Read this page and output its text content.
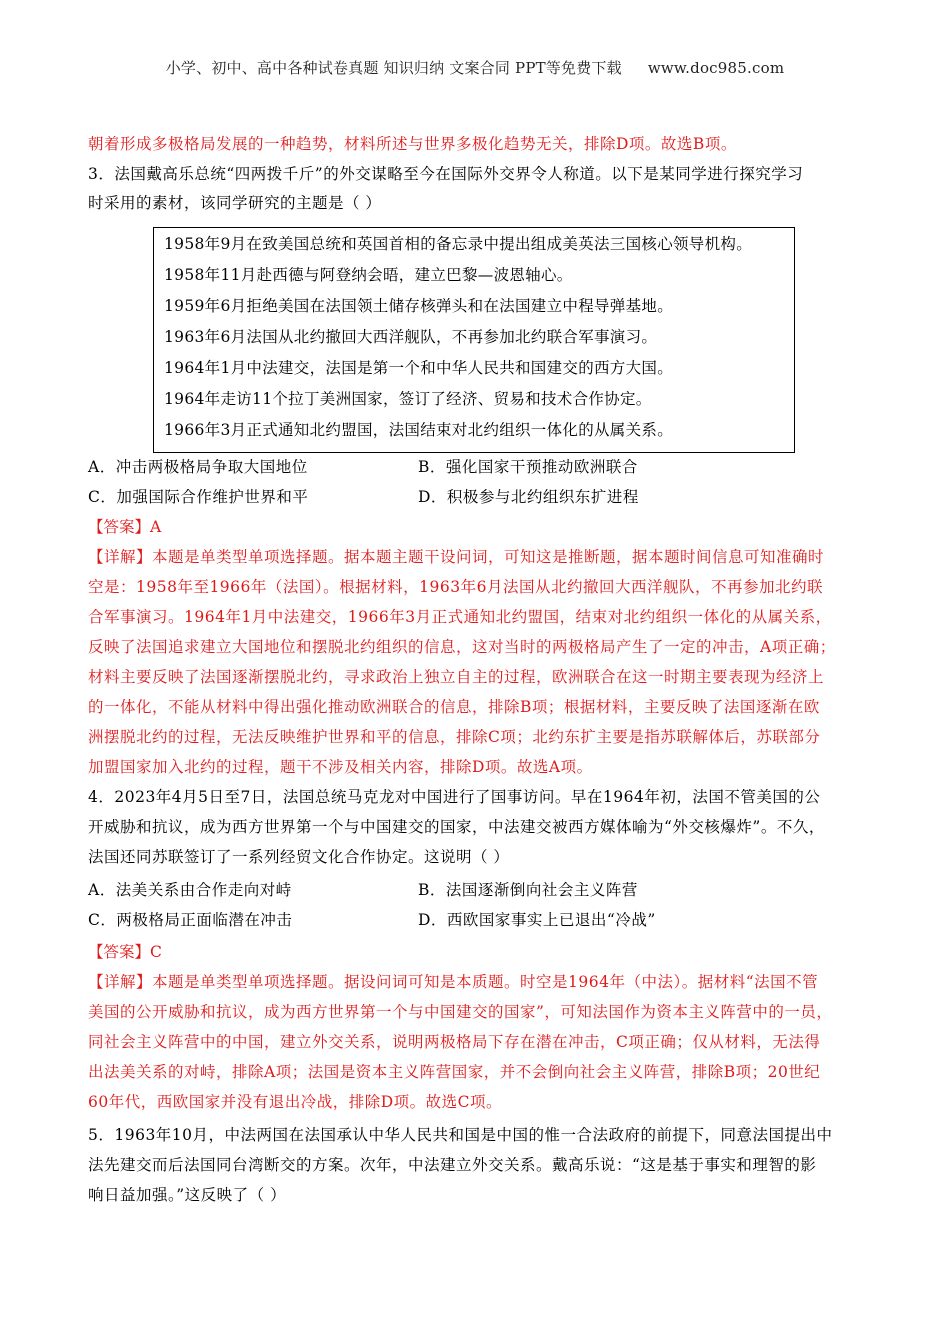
小学、初中、高中各种试卷真题 知识归纳 文案合同 PPT等免费下载 www.doc985.com
朝着形成多极格局发展的一种趋势，材料所述与世界多极化趋势无关，排除D项。故选B项。
3．法国戴高乐总统“四两拨千斤”的外交谋略至今在国际外交界令人称道。以下是某同学进行探究学习
时采用的素材，该同学研究的主题是（ ）
1958年9月在致美国总统和英国首相的备忘录中提出组成美英法三国核心领导机构。
1958年11月赴西德与阿登纳会晤，建立巴黎—波恩轴心。
1959年6月拒绝美国在法国领土储存核弹头和在法国建立中程导弹基地。
1963年6月法国从北约撤回大西洋舰队，不再参加北约联合军事演习。
1964年1月中法建交，法国是第一个和中华人民共和国建交的西方大国。
1964年走访11个拉丁美洲国家，签订了经济、贸易和技术合作协定。
1966年3月正式通知北约盟国，法国结束对北约组织一体化的从属关系。
A．冲击两极格局争取大国地位	B．强化国家干预推动欧洲联合
C．加强国际合作维护世界和平	D．积极参与北约组织东扩进程
【答案】A
【详解】本题是单类型单项选择题。据本题主题干设问词，可知这是推断题，据本题时间信息可知准确时
空是：1958年至1966年（法国）。根据材料，1963年6月法国从北约撤回大西洋舰队，不再参加北约联
合军事演习。1964年1月中法建交，1966年3月正式通知北约盟国，结束对北约组织一体化的从属关系，
反映了法国追求建立大国地位和摆脱北约组织的信息，这对当时的两极格局产生了一定的冲击，A项正确；
材料主要反映了法国逐渐摆脱北约，寻求政治上独立自主的过程，欧洲联合在这一时期主要表现为经济上
的一体化，不能从材料中得出强化推动欧洲联合的信息，排除B项；根据材料，主要反映了法国逐渐在欧
洲摆脱北约的过程，无法反映维护世界和平的信息，排除C项；北约东扩主要是指苏联解体后，苏联部分
加盟国家加入北约的过程，题干不涉及相关内容，排除D项。故选A项。
4．2023年4月5日至7日，法国总统马克龙对中国进行了国事访问。早在1964年初，法国不管美国的公
开威胁和抗议，成为西方世界第一个与中国建交的国家，中法建交被西方媒体喻为“外交核爆炸”。不久，
法国还同苏联签订了一系列经贸文化合作协定。这说明（ ）
A．法美关系由合作走向对峙	B．法国逐渐倒向社会主义阵营
C．两极格局正面临潜在冲击	D．西欧国家事实上已退出“冷战”
【答案】C
【详解】本题是单类型单项选择题。据设问词可知是本质题。时空是1964年（中法）。据材料“法国不管
美国的公开威胁和抗议，成为西方世界第一个与中国建交的国家”，可知法国作为资本主义阵营中的一员，
同社会主义阵营中的中国，建立外交关系，说明两极格局下存在潜在冲击，C项正确；仅从材料，无法得
出法美关系的对峙，排除A项；法国是资本主义阵营国家，并不会倒向社会主义阵营，排除B项；20世纪
60年代，西欧国家并没有退出冷战，排除D项。故选C项。
5．1963年10月，中法两国在法国承认中华人民共和国是中国的惟一合法政府的前提下，同意法国提出中
法先建交而后法国同台湾断交的方案。次年，中法建立外交关系。戴高乐说：“这是基于事实和理智的影
响日益加强。”这反映了（ ）
